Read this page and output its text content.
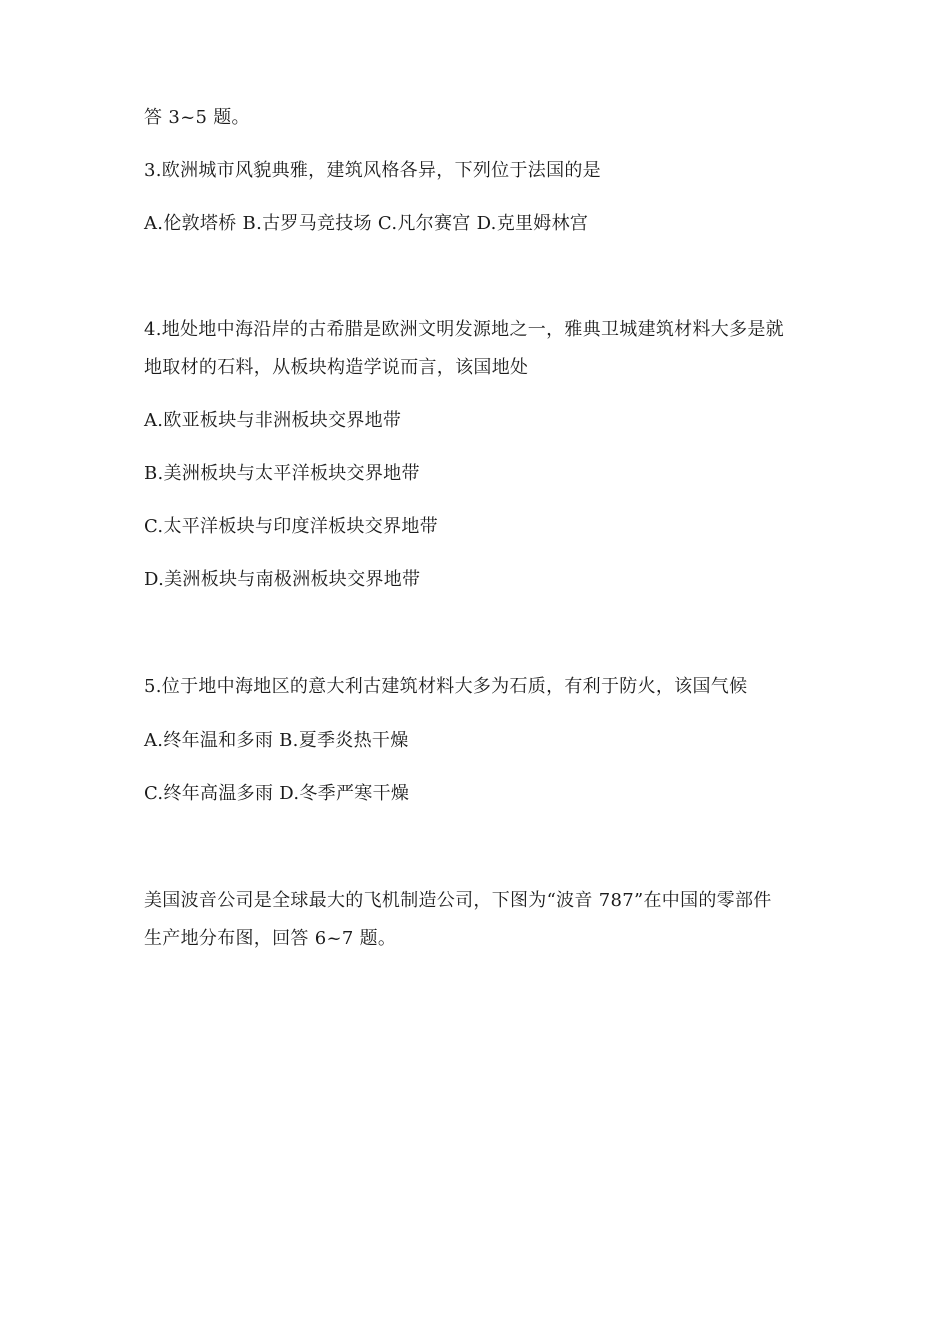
答 3~5 题。
3.欧洲城市风貌典雅，建筑风格各异，下列位于法国的是
A.伦敦塔桥 B.古罗马竞技场 C.凡尔赛宫 D.克里姆林宫
4.地处地中海沿岸的古希腊是欧洲文明发源地之一，雅典卫城建筑材料大多是就
地取材的石料，从板块构造学说而言，该国地处
A.欧亚板块与非洲板块交界地带
B.美洲板块与太平洋板块交界地带
C.太平洋板块与印度洋板块交界地带
D.美洲板块与南极洲板块交界地带
5.位于地中海地区的意大利古建筑材料大多为石质，有利于防火，该国气候
A.终年温和多雨 B.夏季炎热干燥
C.终年高温多雨 D.冬季严寒干燥
美国波音公司是全球最大的飞机制造公司，下图为“波音 787”在中国的零部件
生产地分布图，回答 6~7 题。
